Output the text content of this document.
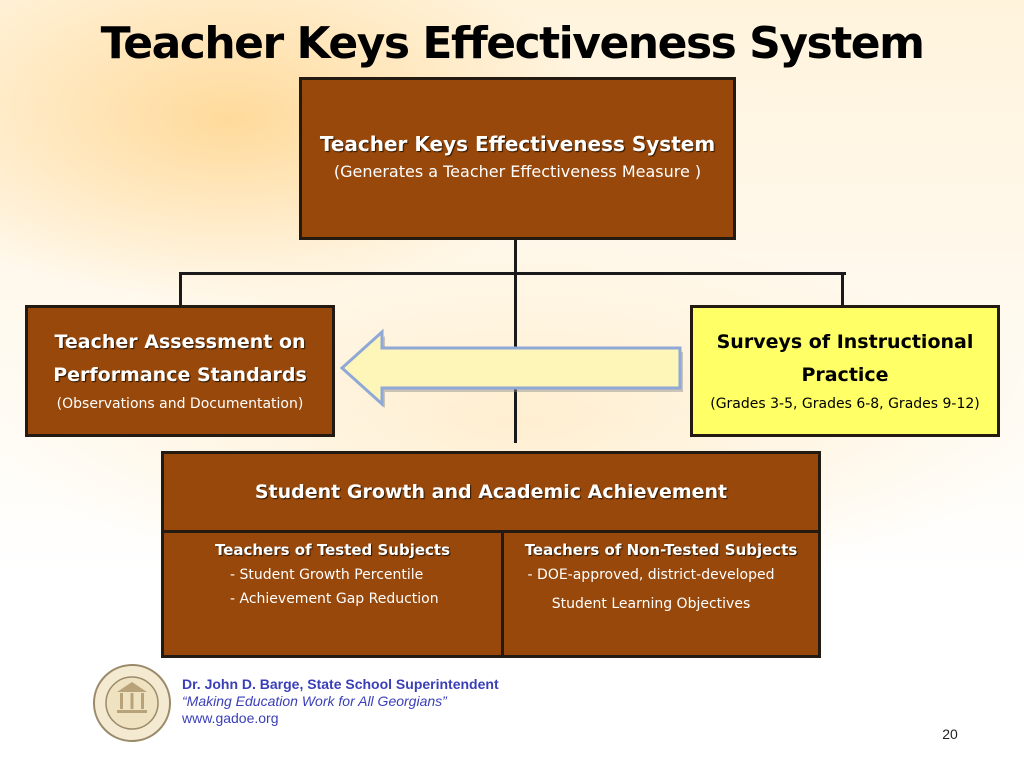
Teacher Keys Effectiveness System
Teacher Keys Effectiveness System
(Generates a Teacher Effectiveness Measure )
Teacher Assessment on
Performance Standards
(Observations and Documentation)
Surveys of Instructional
Practice
(Grades 3-5, Grades 6-8, Grades 9-12)
Student Growth and Academic Achievement
Teachers of Tested Subjects
- Student Growth Percentile
- Achievement Gap Reduction
Teachers of Non-Tested Subjects
- DOE-approved, district-developed
Student Learning Objectives
Dr. John D. Barge, State School Superintendent
“Making Education Work for All Georgians”
www.gadoe.org
20
